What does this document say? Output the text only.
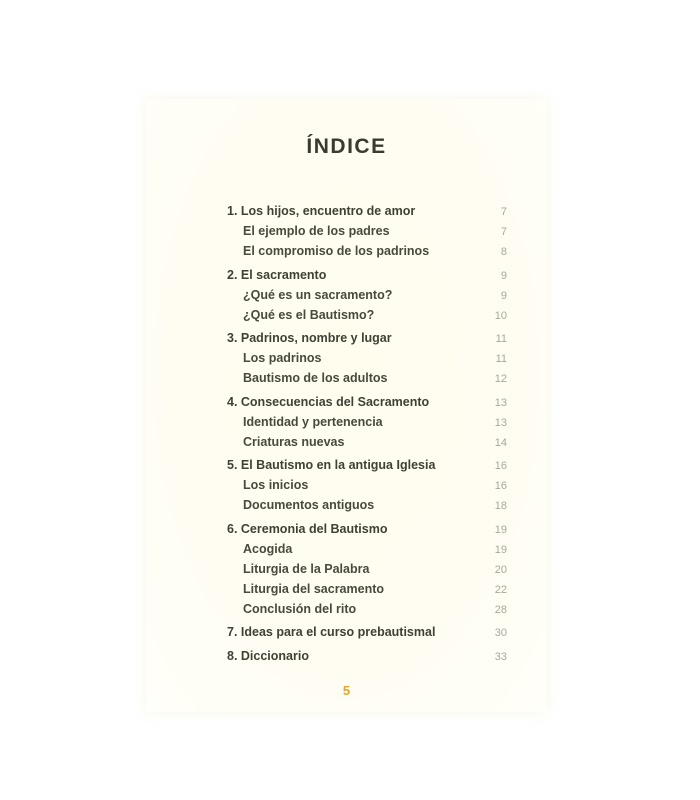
ÍNDICE
1. Los hijos, encuentro de amor	7
El ejemplo de los padres	7
El compromiso de los padrinos	8
2. El sacramento	9
¿Qué es un sacramento?	9
¿Qué es el Bautismo?	10
3. Padrinos, nombre y lugar	11
Los padrinos	11
Bautismo de los adultos	12
4. Consecuencias del Sacramento	13
Identidad y pertenencia	13
Criaturas nuevas	14
5. El Bautismo en la antigua Iglesia	16
Los inicios	16
Documentos antiguos	18
6. Ceremonia del Bautismo	19
Acogida	19
Liturgia de la Palabra	20
Liturgia del sacramento	22
Conclusión del rito	28
7. Ideas para el curso prebautismal	30
8. Diccionario	33
5
